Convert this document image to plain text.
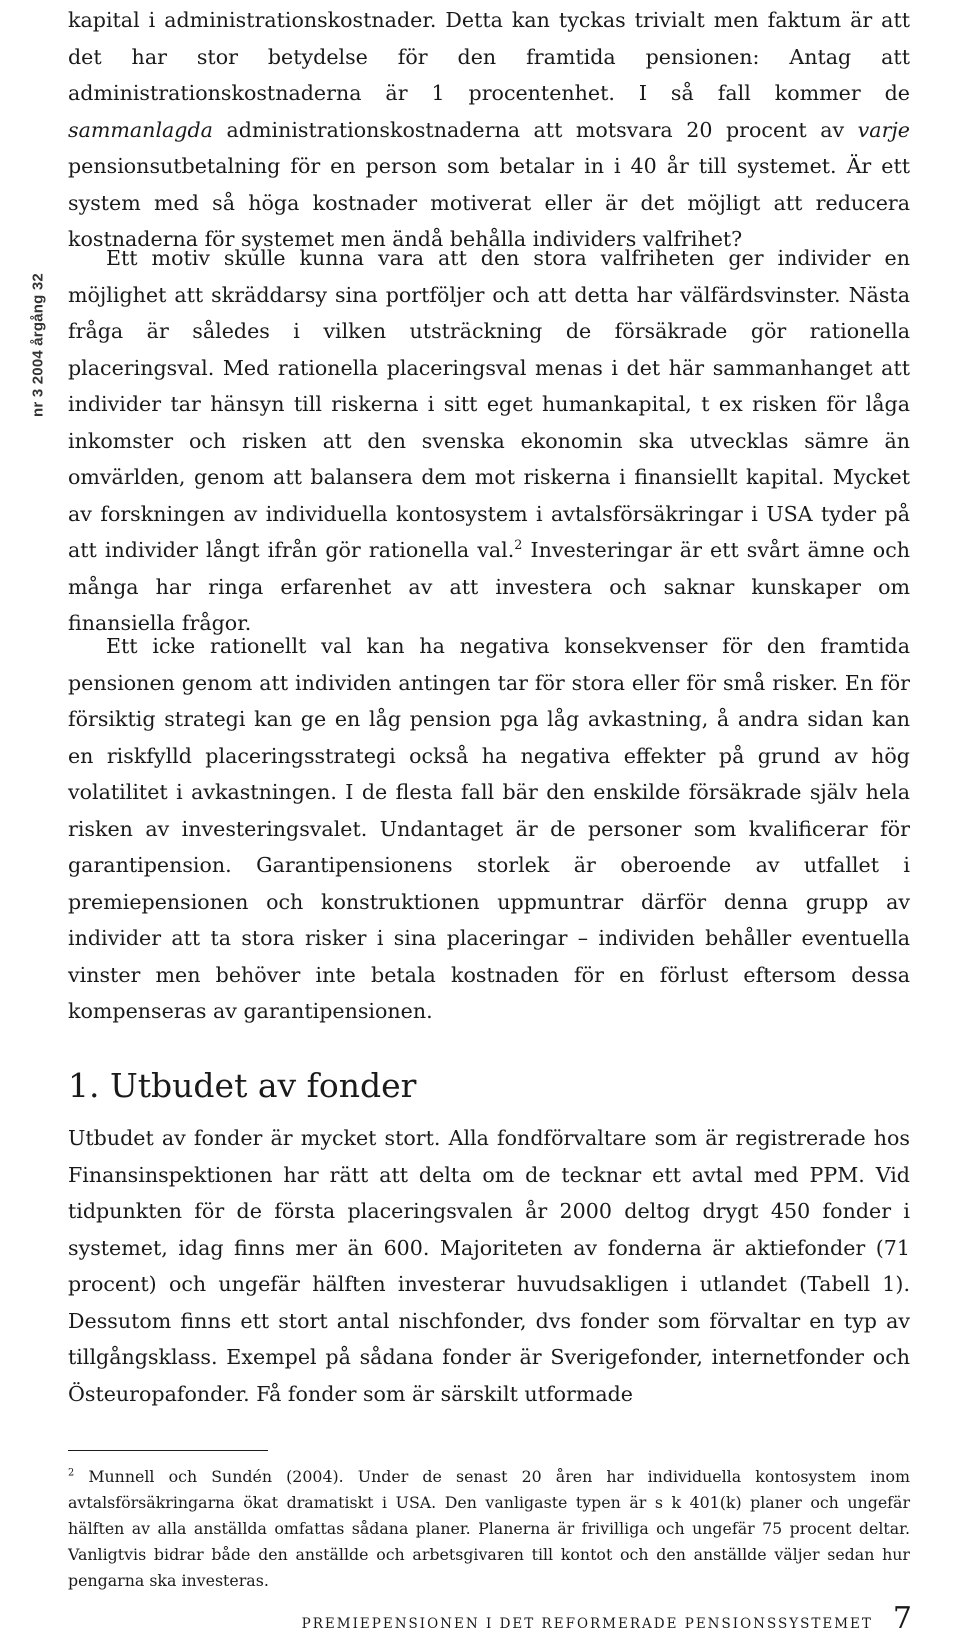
nr 3 2004 årgång 32

kapital i administrationskostnader. Detta kan tyckas trivialt men faktum är att det har stor betydelse för den framtida pensionen: Antag att administrationskostnaderna är 1 procentenhet. I så fall kommer de sammanlagda administrationskostnaderna att motsvara 20 procent av varje pensionsutbetalning för en person som betalar in i 40 år till systemet. Är ett system med så höga kostnader motiverat eller är det möjligt att reducera kostnaderna för systemet men ändå behålla individers valfrihet?

Ett motiv skulle kunna vara att den stora valfriheten ger individer en möjlighet att skräddarsy sina portföljer och att detta har välfärdsvinster. Nästa fråga är således i vilken utsträckning de försäkrade gör rationella placeringsval. Med rationella placeringsval menas i det här sammanhanget att individer tar hänsyn till riskerna i sitt eget humankapital, t ex risken för låga inkomster och risken att den svenska ekonomin ska utvecklas sämre än omvärlden, genom att balansera dem mot riskerna i finansiellt kapital. Mycket av forskningen av individuella kontosystem i avtalsförsäkringar i USA tyder på att individer långt ifrån gör rationella val.$^2$ Investeringar är ett svårt ämne och många har ringa erfarenhet av att investera och saknar kunskaper om finansiella frågor.

Ett icke rationellt val kan ha negativa konsekvenser för den framtida pensionen genom att individen antingen tar för stora eller för små risker. En för försiktig strategi kan ge en låg pension pga låg avkastning, å andra sidan kan en riskfylld placeringsstrategi också ha negativa effekter på grund av hög volatilitet i avkastningen. I de flesta fall bär den enskilde försäkrade själv hela risken av investeringsvalet. Undantaget är de personer som kvalificerar för garantipension. Garantipensionens storlek är oberoende av utfallet i premiepensionen och konstruktionen uppmuntrar därför denna grupp av individer att ta stora risker i sina placeringar – individen behåller eventuella vinster men behöver inte betala kostnaden för en förlust eftersom dessa kompenseras av garantipensionen.

1. Utbudet av fonder

Utbudet av fonder är mycket stort. Alla fondförvaltare som är registrerade hos Finansinspektionen har rätt att delta om de tecknar ett avtal med PPM. Vid tidpunkten för de första placeringsvalen år 2000 deltog drygt 450 fonder i systemet, idag finns mer än 600. Majoriteten av fonderna är aktiefonder (71 procent) och ungefär hälften investerar huvudsakligen i utlandet (Tabell 1). Dessutom finns ett stort antal nischfonder, dvs fonder som förvaltar en typ av tillgångsklass. Exempel på sådana fonder är Sverigefonder, internetfonder och Östeuropafonder. Få fonder som är särskilt utformade

$^2$ Munnell och Sundén (2004). Under de senast 20 åren har individuella kontosystem inom avtalsförsäkringarna ökat dramatiskt i USA. Den vanligaste typen är s k 401(k) planer och ungefär hälften av alla anställda omfattas sådana planer. Planerna är frivilliga och ungefär 75 procent deltar. Vanligtvis bidrar både den anställde och arbetsgivaren till kontot och den anställde väljer sedan hur pengarna ska investeras.

PREMIEPENSIONEN I DET REFORMERADE PENSIONSSYSTEMET 7
